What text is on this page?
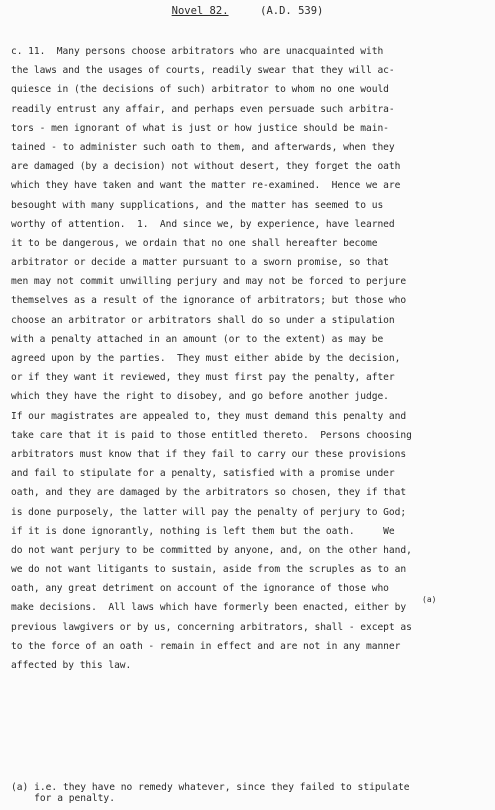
Novel 82.	(A.D. 539)
c. 11.  Many persons choose arbitrators who are unacquainted with
the laws and the usages of courts, readily swear that they will ac-
quiesce in (the decisions of such) arbitrator to whom no one would
readily entrust any affair, and perhaps even persuade such arbitra-
tors - men ignorant of what is just or how justice should be main-
tained - to administer such oath to them, and afterwards, when they
are damaged (by a decision) not without desert, they forget the oath
which they have taken and want the matter re-examined.  Hence we are
besought with many supplications, and the matter has seemed to us
worthy of attention.  1.  And since we, by experience, have learned
it to be dangerous, we ordain that no one shall hereafter become
arbitrator or decide a matter pursuant to a sworn promise, so that
men may not commit unwilling perjury and may not be forced to perjure
themselves as a result of the ignorance of arbitrators; but those who
choose an arbitrator or arbitrators shall do so under a stipulation
with a penalty attached in an amount (or to the extent) as may be
agreed upon by the parties.  They must either abide by the decision,
or if they want it reviewed, they must first pay the penalty, after
which they have the right to disobey, and go before another judge.
If our magistrates are appealed to, they must demand this penalty and
take care that it is paid to those entitled thereto.  Persons choosing
arbitrators must know that if they fail to carry our these provisions
and fail to stipulate for a penalty, satisfied with a promise under
oath, and they are damaged by the arbitrators so chosen, they if that
is done purposely, the latter will pay the penalty of perjury to God;
if it is done ignorantly, nothing is left them but the oath.     We
do not want perjury to be committed by anyone, and, on the other hand,
we do not want litigants to sustain, aside from the scruples as to an
oath, any great detriment on account of the ignorance of those who
make decisions.  All laws which have formerly been enacted, either by
previous lawgivers or by us, concerning arbitrators, shall - except as
to the force of an oath - remain in effect and are not in any manner
affected by this law.
(a)
(a) i.e. they have no remedy whatever, since they failed to stipulate
for a penalty.
